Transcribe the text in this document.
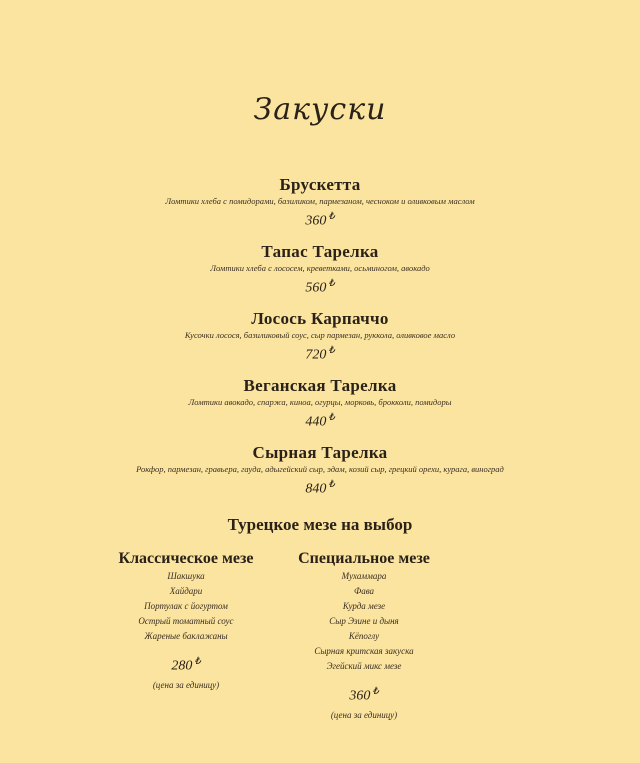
Закуски
Брускетта
Ломтики хлеба с помидорами, базиликом, пармезаном, чесноком и оливковым маслом
360 ₺
Тапас Тарелка
Ломтики хлеба с лососем, креветками, осьминогом, авокадо
560 ₺
Лосось Карпаччо
Кусочки лосося, базиликовый соус, сыр пармезан, руккола, оливковое масло
720 ₺
Веганская Тарелка
Ломтики авокадо, спаржа, киноа, огурцы, морковь, брокколи, помидоры
440 ₺
Сырная Тарелка
Рокфор, пармезан, гравьера, гауда, адыгейский сыр, эдам, козий сыр, грецкий орехи, курага, виноград
840 ₺
Турецкое мезе на выбор
Классическое мезе
Шакшука
Хайдари
Портулак с йогуртом
Острый томатный соус
Жареные баклажаны
280 ₺
(цена за единицу)
Специальное мезе
Мухаммара
Фава
Курда мезе
Сыр Эзине и дыня
Кёпоглу
Сырная критская закуска
Эгейский микс мезе
360 ₺
(цена за единицу)
